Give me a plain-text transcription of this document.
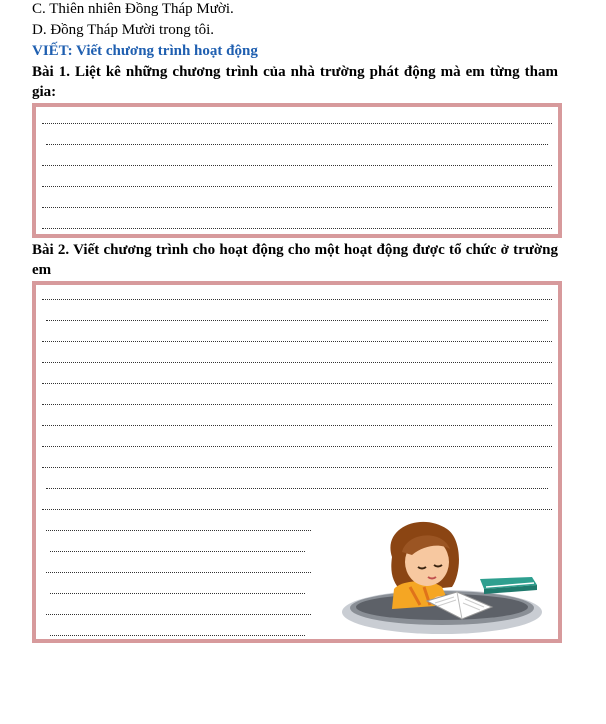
C. Thiên nhiên Đồng Tháp Mười.
D. Đồng Tháp Mười trong tôi.
VIẾT: Viết chương trình hoạt động
Bài 1. Liệt kê những chương trình của nhà trường phát động mà em từng tham gia:
Bài 2. Viết chương trình cho hoạt động cho một hoạt động được tổ chức ở trường em
